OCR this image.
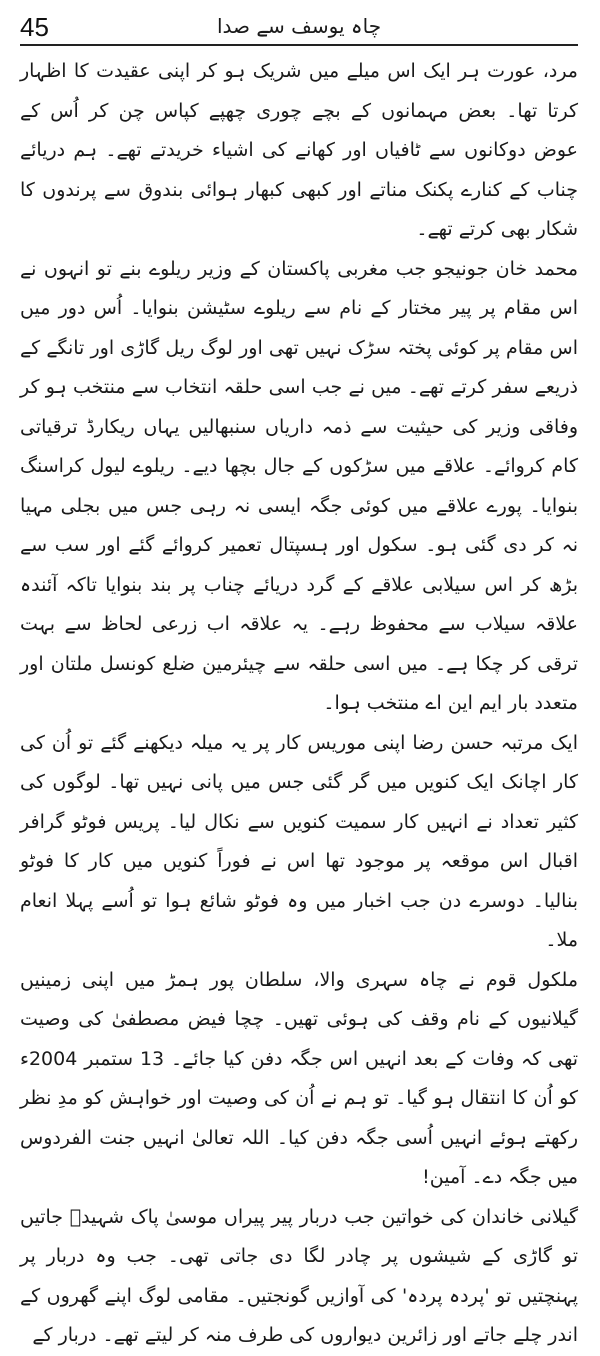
45	چاہ یوسف سے صدا

مرد، عورت ہر ایک اس میلے میں شریک ہو کر اپنی عقیدت کا اظہار کرتا تھا۔ بعض مہمانوں کے بچے چوری چھپے کپاس چن کر اُس کے عوض دوکانوں سے ٹافیاں اور کھانے کی اشیاء خریدتے تھے۔ ہم دریائے چناب کے کنارے پکنک مناتے اور کبھی کبھار ہوائی بندوق سے پرندوں کا شکار بھی کرتے تھے۔

محمد خان جونیجو جب مغربی پاکستان کے وزیر ریلوے بنے تو انہوں نے اس مقام پر پیر مختار کے نام سے ریلوے سٹیشن بنوایا۔ اُس دور میں اس مقام پر کوئی پختہ سڑک نہیں تھی اور لوگ ریل گاڑی اور تانگے کے ذریعے سفر کرتے تھے۔ میں نے جب اسی حلقہ انتخاب سے منتخب ہو کر وفاقی وزیر کی حیثیت سے ذمہ داریاں سنبھالیں یہاں ریکارڈ ترقیاتی کام کروائے۔ علاقے میں سڑکوں کے جال بچھا دیے۔ ریلوے لیول کراسنگ بنوایا۔ پورے علاقے میں کوئی جگہ ایسی نہ رہی جس میں بجلی مہیا نہ کر دی گئی ہو۔ سکول اور ہسپتال تعمیر کروائے گئے اور سب سے بڑھ کر اس سیلابی علاقے کے گرد دریائے چناب پر بند بنوایا تاکہ آئندہ علاقہ سیلاب سے محفوظ رہے۔ یہ علاقہ اب زرعی لحاظ سے بہت ترقی کر چکا ہے۔ میں اسی حلقہ سے چیئرمین ضلع کونسل ملتان اور متعدد بار ایم این اے منتخب ہوا۔

ایک مرتبہ حسن رضا اپنی موریس کار پر یہ میلہ دیکھنے گئے تو اُن کی کار اچانک ایک کنویں میں گر گئی جس میں پانی نہیں تھا۔ لوگوں کی کثیر تعداد نے انہیں کار سمیت کنویں سے نکال لیا۔ پریس فوٹو گرافر اقبال اس موقعہ پر موجود تھا اس نے فوراً کنویں میں کار کا فوٹو بنالیا۔ دوسرے دن جب اخبار میں وہ فوٹو شائع ہوا تو اُسے پہلا انعام ملا۔

ملکول قوم نے چاہ سہری والا، سلطان پور ہمڑ میں اپنی زمینیں گیلانیوں کے نام وقف کی ہوئی تھیں۔ چچا فیض مصطفیٰ کی وصیت تھی کہ وفات کے بعد انہیں اس جگہ دفن کیا جائے۔ 13 ستمبر 2004ء کو اُن کا انتقال ہو گیا۔ تو ہم نے اُن کی وصیت اور خواہش کو مدِ نظر رکھتے ہوئے انہیں اُسی جگہ دفن کیا۔ اللہ تعالیٰ انہیں جنت الفردوس میں جگہ دے۔ آمین!

گیلانی خاندان کی خواتین جب دربار پیر پیراں موسیٰ پاک شہیدؒ جاتیں تو گاڑی کے شیشوں پر چادر لگا دی جاتی تھی۔ جب وہ دربار پر پہنچتیں تو 'پردہ پردہ' کی آوازیں گونجتیں۔ مقامی لوگ اپنے گھروں کے اندر چلے جاتے اور زائرین دیواروں کی طرف منہ کر لیتے تھے۔ دربار کے
